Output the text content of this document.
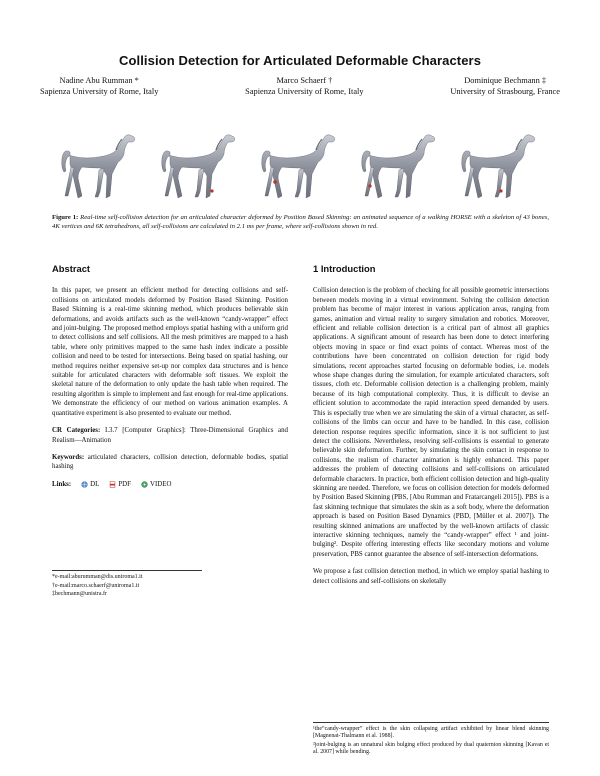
Collision Detection for Articulated Deformable Characters
Nadine Abu Rumman *
Sapienza University of Rome, Italy
Marco Schaerf †
Sapienza University of Rome, Italy
Dominique Bechmann ‡
University of Strasbourg, France
Figure 1: Real-time self-collision detection for an articulated character deformed by Position Based Skinning: an animated sequence of a walking HORSE with a skeleton of 43 bones, 4K vertices and 6K tetrahedrons, all self-collisions are calculated in 2.1 ms per frame, where self-collisions shown in red.
Abstract

In this paper, we present an efficient method for detecting collisions and self-collisions on articulated models deformed by Position Based Skinning. Position Based Skinning is a real-time skinning method, which produces believable skin deformations, and avoids artifacts such as the well-known “candy-wrapper” effect and joint-bulging. The proposed method employs spatial hashing with a uniform grid to detect collisions and self collisions. All the mesh primitives are mapped to a hash table, where only primitives mapped to the same hash index indicate a possible collision and need to be tested for intersections. Being based on spatial hashing, our method requires neither expensive set-up nor complex data structures and is hence suitable for articulated characters with deformable soft tissues. We exploit the skeletal nature of the deformation to only update the hash table when required. The resulting algorithm is simple to implement and fast enough for real-time applications. We demonstrate the efficiency of our method on various animation examples. A quantitative experiment is also presented to evaluate our method.

CR Categories: I.3.7 [Computer Graphics]: Three-Dimensional Graphics and Realism—Animation

Keywords: articulated characters, collision detection, deformable bodies, spatial hashing

Links:	DL	PDF	VIDEO
*e-mail:aburumman@dis.uniroma1.it
†e-mail:marco.schaerf@uniroma1.it
‡bechmann@unistra.fr
1 Introduction

Collision detection is the problem of checking for all possible geometric intersections between models moving in a virtual environment. Solving the collision detection problem has become of major interest in various application areas, ranging from games, animation and virtual reality to surgery simulation and robotics. Moreover, efficient and reliable collision detection is a critical part of almost all graphics applications. A significant amount of research has been done to detect interfering objects moving in space or find exact points of contact. Whereas most of the contributions have been concentrated on collision detection for rigid body simulations, recent approaches started focusing on deformable bodies, i.e. models whose shape changes during the simulation, for example articulated characters, soft tissues, cloth etc. Deformable collision detection is a challenging problem, mainly because of its high computational complexity. Thus, it is difficult to devise an efficient solution to accommodate the rapid interaction speed demanded by users. This is especially true when we are simulating the skin of a virtual character, as self-collisions of the limbs can occur and have to be handled. In this case, collision detection response requires specific information, since it is not sufficient to just detect the collisions. Nevertheless, resolving self-collisions is essential to generate believable skin deformation. Further, by simulating the skin contact in response to collisions, the realism of character animation is highly enhanced. This paper addresses the problem of detecting collisions and self-collisions on articulated deformable characters. In practice, both efficient collision detection and high-quality skinning are needed. Therefore, we focus on collision detection for models deformed by Position Based Skinning (PBS, [Abu Rumman and Fratarcangeli 2015]). PBS is a fast skinning technique that simulates the skin as a soft body, where the deformation approach is based on Position Based Dynamics (PBD, [Müller et al. 2007]). The resulting skinned animations are unaffected by the well-known artifacts of classic interactive skinning techniques, namely the “candy-wrapper” effect ¹ and joint-bulging². Despite offering interesting effects like secondary motions and volume preservation, PBS cannot guarantee the absence of self-intersection deformations.

We propose a fast collision detection method, in which we employ spatial hashing to detect collisions and self-collisions on skeletally

¹the“candy-wrapper” effect is the skin collapsing artifact exhibited by linear blend skinning [Magnenat-Thalmann et al. 1988].
²joint-bulging is an unnatural skin bulging effect produced by dual quaternion skinning [Kavan et al. 2007] while bending.
